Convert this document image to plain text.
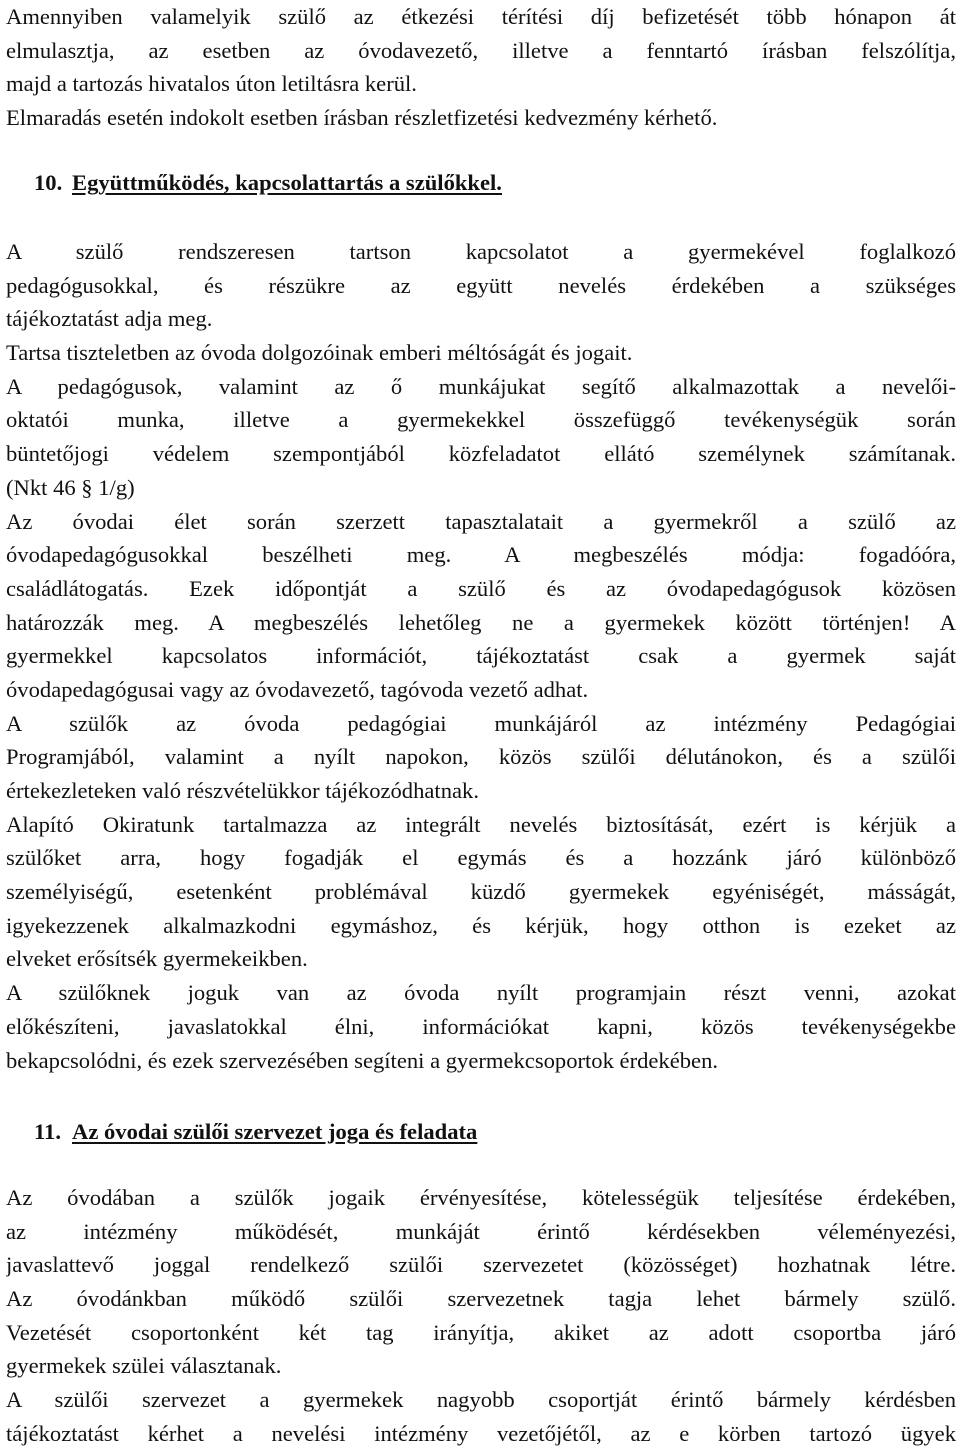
Amennyiben valamelyik szülő az étkezési térítési díj befizetését több hónapon át

elmulasztja, az esetben az óvodavezető, illetve a fenntartó írásban felszólítja,

majd a tartozás hivatalos úton letiltásra kerül.

Elmaradás esetén indokolt esetben írásban részletfizetési kedvezmény kérhető.

10. Együttműködés, kapcsolattartás a szülőkkel.

A szülő rendszeresen tartson kapcsolatot a gyermekével foglalkozó

pedagógusokkal, és részükre az együtt nevelés érdekében a szükséges

tájékoztatást adja meg.

Tartsa tiszteletben az óvoda dolgozóinak emberi méltóságát és jogait.

A pedagógusok, valamint az ő munkájukat segítő alkalmazottak a nevelői-

oktatói munka, illetve a gyermekekkel összefüggő tevékenységük során

büntetőjogi védelem szempontjából közfeladatot ellátó személynek számítanak.

(Nkt 46 § 1/g)

Az óvodai élet során szerzett tapasztalatait a gyermekről a szülő az

óvodapedagógusokkal beszélheti meg. A megbeszélés módja: fogadóóra,

családlátogatás. Ezek időpontját a szülő és az óvodapedagógusok közösen

határozzák meg. A megbeszélés lehetőleg ne a gyermekek között történjen! A

gyermekkel kapcsolatos információt, tájékoztatást csak a gyermek saját

óvodapedagógusai vagy az óvodavezető, tagóvoda vezető adhat.

A szülők az óvoda pedagógiai munkájáról az intézmény Pedagógiai

Programjából, valamint a nyílt napokon, közös szülői délutánokon, és a szülői

értekezleteken való részvételükkor tájékozódhatnak.

Alapító Okiratunk tartalmazza az integrált nevelés biztosítását, ezért is kérjük a

szülőket arra, hogy fogadják el egymás és a hozzánk járó különböző

személyiségű, esetenként problémával küzdő gyermekek egyéniségét, másságát,

igyekezzenek alkalmazkodni egymáshoz, és kérjük, hogy otthon is ezeket az

elveket erősítsék gyermekeikben.

A szülőknek joguk van az óvoda nyílt programjain részt venni, azokat

előkészíteni, javaslatokkal élni, információkat kapni, közös tevékenységekbe

bekapcsolódni, és ezek szervezésében segíteni a gyermekcsoportok érdekében.

11. Az óvodai szülői szervezet joga és feladata

Az óvodában a szülők jogaik érvényesítése, kötelességük teljesítése érdekében,

az intézmény működését, munkáját érintő kérdésekben véleményezési,

javaslattevő joggal rendelkező szülői szervezetet (közösséget) hozhatnak létre.

Az óvodánkban működő szülői szervezetnek tagja lehet bármely szülő.

Vezetését csoportonként két tag irányítja, akiket az adott csoportba járó

gyermekek szülei választanak.

A szülői szervezet a gyermekek nagyobb csoportját érintő bármely kérdésben

tájékoztatást kérhet a nevelési intézmény vezetőjétől, az e körben tartozó ügyek
